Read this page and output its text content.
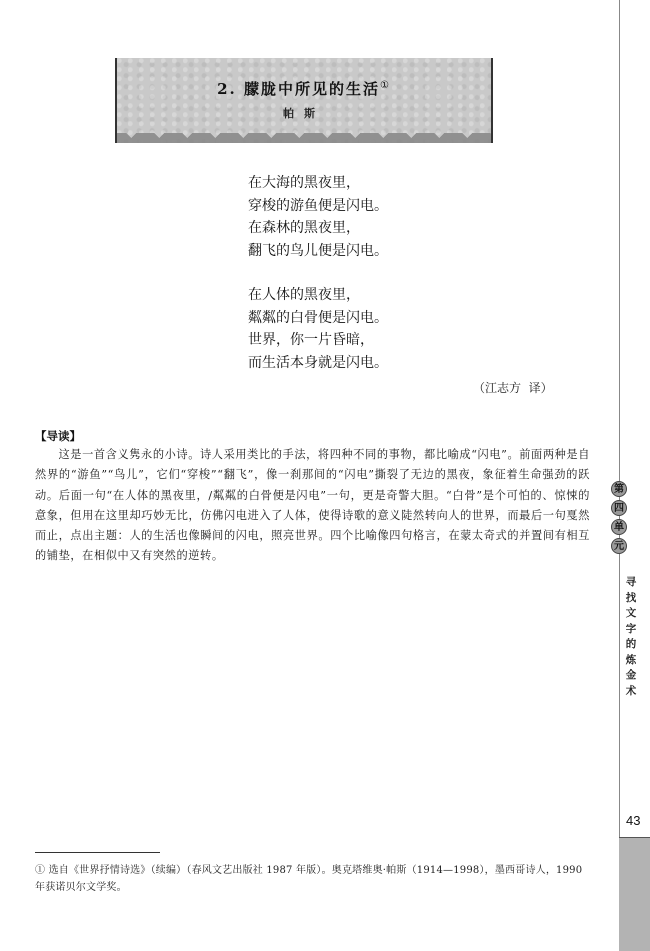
2. 朦胧中所见的生活①
帕斯
在大海的黑夜里，
穿梭的游鱼便是闪电。
在森林的黑夜里，
翻飞的鸟儿便是闪电。
在人体的黑夜里，
粼粼的白骨便是闪电。
世界，你一片昏暗，
而生活本身就是闪电。
（江志方  译）
【导读】
这是一首含义隽永的小诗。诗人采用类比的手法，将四种不同的事物，都比喻成“闪电”。前面两种是自然界的“游鱼”“鸟儿”，它们“穿梭”“翻飞”，像一刹那间的“闪电”撕裂了无边的黑夜，象征着生命强劲的跃动。后面一句“在人体的黑夜里，/粼粼的白骨便是闪电”一句，更是奇警大胆。“白骨”是个可怕的、惊悚的意象，但用在这里却巧妙无比，仿佛闪电进入了人体，使得诗歌的意义陡然转向人的世界，而最后一句戛然而止，点出主题：人的生活也像瞬间的闪电，照亮世界。四个比喻像四句格言，在蒙太奇式的并置间有相互的铺垫，在相似中又有突然的逆转。
第
四
单
元
寻
找
文
字
的
炼
金
术
43
① 选自《世界抒情诗选》（续编）（春风文艺出版社 1987 年版）。奥克塔维奥·帕斯（1914—1998），墨西哥诗人，1990 年获诺贝尔文学奖。
